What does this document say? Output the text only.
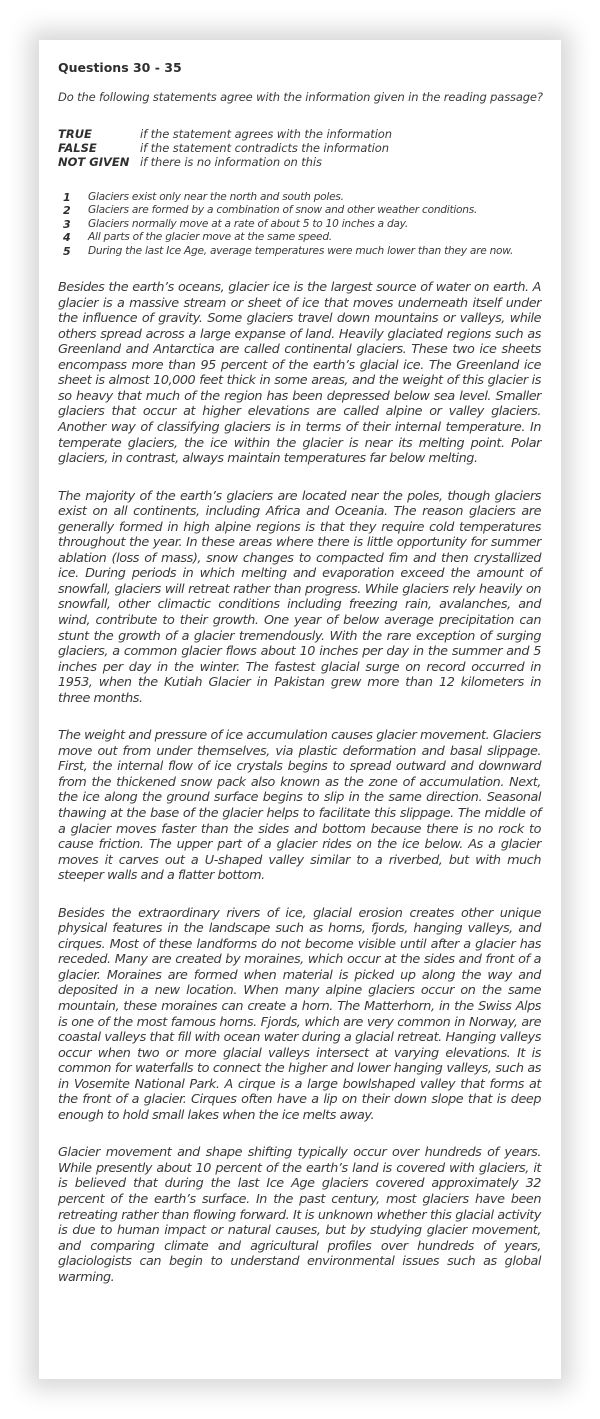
Questions 30 - 35
Do the following statements agree with the information given in the reading passage?
TRUE	if the statement agrees with the information
FALSE	if the statement contradicts the information
NOT GIVEN if there is no information on this
1	Glaciers exist only near the north and south poles.
2	Glaciers are formed by a combination of snow and other weather conditions.
3	Glaciers normally move at a rate of about 5 to 10 inches a day.
4	All parts of the glacier move at the same speed.
5	During the last Ice Age, average temperatures were much lower than they are now.

Besides the earth’s oceans, glacier ice is the largest source of water on earth. A glacier is a massive stream or sheet of ice that moves underneath itself under the influence of gravity. Some glaciers travel down mountains or valleys, while others spread across a large expanse of land. Heavily glaciated regions such as Greenland and Antarctica are called continental glaciers. These two ice sheets encompass more than 95 percent of the earth’s glacial ice. The Greenland ice sheet is almost 10,000 feet thick in some areas, and the weight of this glacier is so heavy that much of the region has been depressed below sea level. Smaller glaciers that occur at higher elevations are called alpine or valley glaciers. Another way of classifying glaciers is in terms of their internal temperature. In temperate glaciers, the ice within the glacier is near its melting point. Polar glaciers, in contrast, always maintain temperatures far below melting.

The majority of the earth’s glaciers are located near the poles, though glaciers exist on all continents, including Africa and Oceania. The reason glaciers are generally formed in high alpine regions is that they require cold temperatures throughout the year. In these areas where there is little opportunity for summer ablation (loss of mass), snow changes to compacted fim and then crystallized ice. During periods in which melting and evaporation exceed the amount of snowfall, glaciers will retreat rather than progress. While glaciers rely heavily on snowfall, other climactic conditions including freezing rain, avalanches, and wind, contribute to their growth. One year of below average precipitation can stunt the growth of a glacier tremendously. With the rare exception of surging glaciers, a common glacier flows about 10 inches per day in the summer and 5 inches per day in the winter. The fastest glacial surge on record occurred in 1953, when the Kutiah Glacier in Pakistan grew more than 12 kilometers in three months.

The weight and pressure of ice accumulation causes glacier movement. Glaciers move out from under themselves, via plastic deformation and basal slippage. First, the internal flow of ice crystals begins to spread outward and downward from the thickened snow pack also known as the zone of accumulation. Next, the ice along the ground surface begins to slip in the same direction. Seasonal thawing at the base of the glacier helps to facilitate this slippage. The middle of a glacier moves faster than the sides and bottom because there is no rock to cause friction. The upper part of a glacier rides on the ice below. As a glacier moves it carves out a U-shaped valley similar to a riverbed, but with much steeper walls and a flatter bottom.

Besides the extraordinary rivers of ice, glacial erosion creates other unique physical features in the landscape such as horns, fjords, hanging valleys, and cirques. Most of these landforms do not become visible until after a glacier has receded. Many are created by moraines, which occur at the sides and front of a glacier. Moraines are formed when material is picked up along the way and deposited in a new location. When many alpine glaciers occur on the same mountain, these moraines can create a horn. The Matterhorn, in the Swiss Alps is one of the most famous horns. Fjords, which are very common in Norway, are coastal valleys that fill with ocean water during a glacial retreat. Hanging valleys occur when two or more glacial valleys intersect at varying elevations. It is common for waterfalls to connect the higher and lower hanging valleys, such as in Vosemite National Park. A cirque is a large bowlshaped valley that forms at the front of a glacier. Cirques often have a lip on their down slope that is deep enough to hold small lakes when the ice melts away.

Glacier movement and shape shifting typically occur over hundreds of years. While presently about 10 percent of the earth’s land is covered with glaciers, it is believed that during the last Ice Age glaciers covered approximately 32 percent of the earth’s surface. In the past century, most glaciers have been retreating rather than flowing forward. It is unknown whether this glacial activity is due to human impact or natural causes, but by studying glacier movement, and comparing climate and agricultural profiles over hundreds of years, glaciologists can begin to understand environmental issues such as global warming.
